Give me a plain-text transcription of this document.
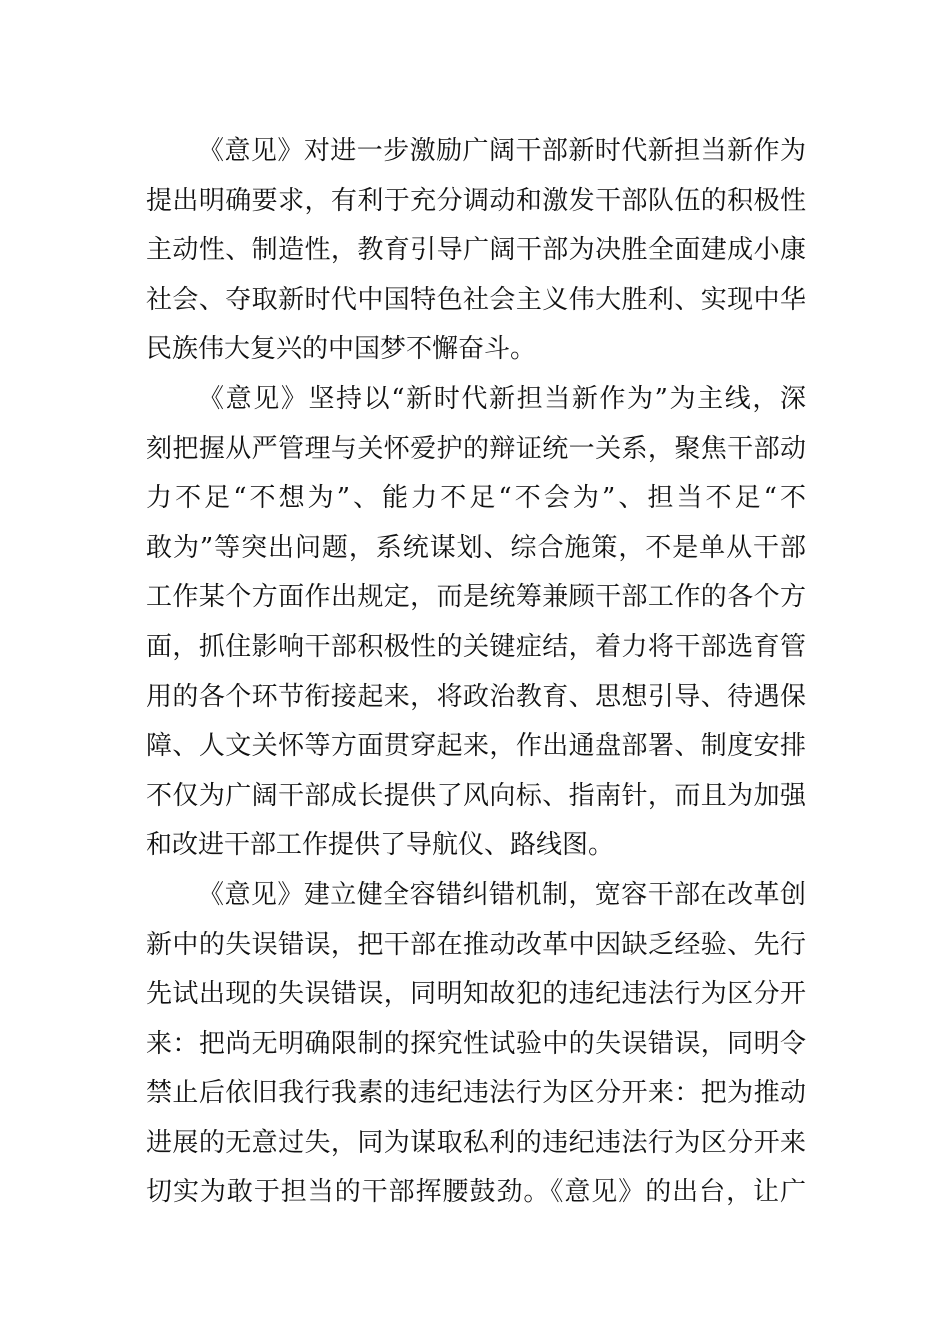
《意见》对进一步激励广阔干部新时代新担当新作为
提出明确要求，有利于充分调动和激发干部队伍的积极性
主动性、制造性，教育引导广阔干部为决胜全面建成小康
社会、夺取新时代中国特色社会主义伟大胜利、实现中华
民族伟大复兴的中国梦不懈奋斗。
《意见》坚持以“新时代新担当新作为”为主线，深
刻把握从严管理与关怀爱护的辩证统一关系，聚焦干部动
力不足“不想为”、能力不足“不会为”、担当不足“不
敢为”等突出问题，系统谋划、综合施策，不是单从干部
工作某个方面作出规定，而是统筹兼顾干部工作的各个方
面，抓住影响干部积极性的关键症结，着力将干部选育管
用的各个环节衔接起来，将政治教育、思想引导、待遇保
障、人文关怀等方面贯穿起来，作出通盘部署、制度安排
不仅为广阔干部成长提供了风向标、指南针，而且为加强
和改进干部工作提供了导航仪、路线图。
《意见》建立健全容错纠错机制，宽容干部在改革创
新中的失误错误，把干部在推动改革中因缺乏经验、先行
先试出现的失误错误，同明知故犯的违纪违法行为区分开
来：把尚无明确限制的探究性试验中的失误错误，同明令
禁止后依旧我行我素的违纪违法行为区分开来：把为推动
进展的无意过失，同为谋取私利的违纪违法行为区分开来
切实为敢于担当的干部挥腰鼓劲。《意见》的出台，让广
